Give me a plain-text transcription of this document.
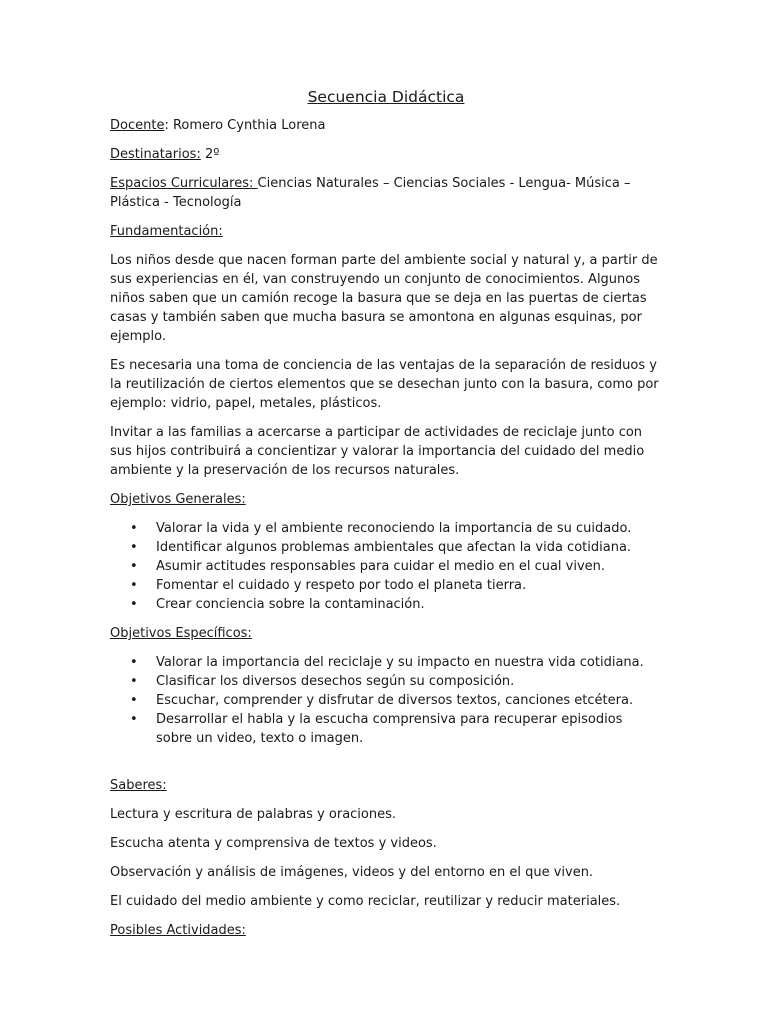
Secuencia Didáctica

Docente: Romero Cynthia Lorena

Destinatarios: 2º

Espacios Curriculares: Ciencias Naturales – Ciencias Sociales - Lengua- Música – Plástica - Tecnología

Fundamentación:

Los niños desde que nacen forman parte del ambiente social y natural y, a partir de sus experiencias en él, van construyendo un conjunto de conocimientos. Algunos niños saben que un camión recoge la basura que se deja en las puertas de ciertas casas y también saben que mucha basura se amontona en algunas esquinas, por ejemplo.

Es necesaria una toma de conciencia de las ventajas de la separación de residuos y la reutilización de ciertos elementos que se desechan junto con la basura, como por ejemplo: vidrio, papel, metales, plásticos.

Invitar a las familias a acercarse a participar de actividades de reciclaje junto con sus hijos contribuirá a concientizar y valorar la importancia del cuidado del medio ambiente y la preservación de los recursos naturales.

Objetivos Generales:

• Valorar la vida y el ambiente reconociendo la importancia de su cuidado.
• Identificar algunos problemas ambientales que afectan la vida cotidiana.
• Asumir actitudes responsables para cuidar el medio en el cual viven.
• Fomentar el cuidado y respeto por todo el planeta tierra.
• Crear conciencia sobre la contaminación.

Objetivos Específicos:

• Valorar la importancia del reciclaje y su impacto en nuestra vida cotidiana.
• Clasificar los diversos desechos según su composición.
• Escuchar, comprender y disfrutar de diversos textos, canciones etcétera.
• Desarrollar el habla y la escucha comprensiva para recuperar episodios sobre un video, texto o imagen.

Saberes:

Lectura y escritura de palabras y oraciones.

Escucha atenta y comprensiva de textos y videos.

Observación y análisis de imágenes, videos y del entorno en el que viven.

El cuidado del medio ambiente y como reciclar, reutilizar y reducir materiales.

Posibles Actividades:
